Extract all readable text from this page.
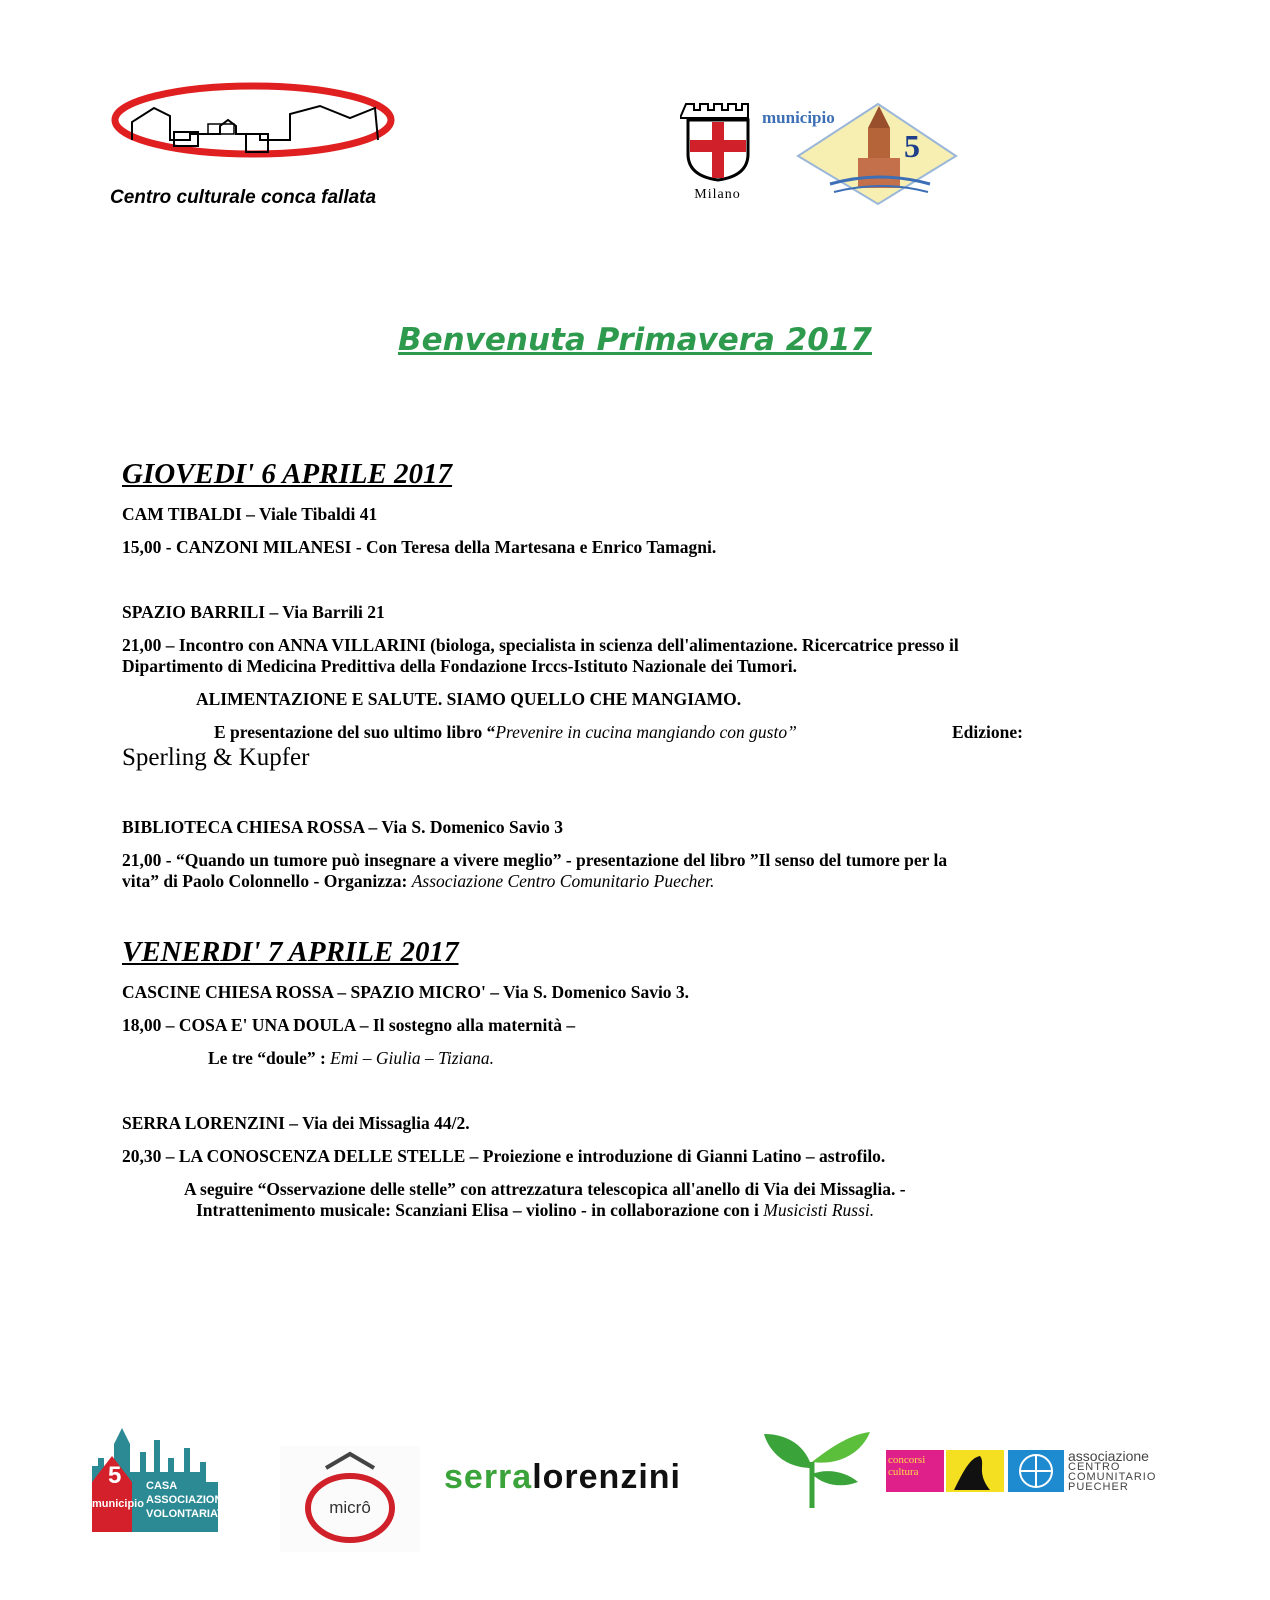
Centro culturale conca fallata	Milano
municipio
5
Benvenuta Primavera 2017
GIOVEDI' 6 APRILE 2017
CAM TIBALDI – Viale Tibaldi 41
15,00 - CANZONI MILANESI - Con Teresa della Martesana e Enrico Tamagni.
SPAZIO BARRILI – Via Barrili 21
21,00 – Incontro con ANNA VILLARINI (biologa, specialista in scienza dell'alimentazione. Ricercatrice presso il
Dipartimento di Medicina Predittiva della Fondazione Irccs-Istituto Nazionale dei Tumori.
ALIMENTAZIONE E SALUTE. SIAMO QUELLO CHE MANGIAMO.
E presentazione del suo ultimo libro “Prevenire in cucina mangiando con gusto”	Edizione:
Sperling & Kupfer
BIBLIOTECA CHIESA ROSSA – Via S. Domenico Savio 3
21,00 - “Quando un tumore può insegnare a vivere meglio” - presentazione del libro ”Il senso del tumore per la
vita” di Paolo Colonnello - Organizza: Associazione Centro Comunitario Puecher.
VENERDI' 7 APRILE 2017
CASCINE CHIESA ROSSA – SPAZIO MICRO' – Via S. Domenico Savio 3.
18,00 – COSA E' UNA DOULA – Il sostegno alla maternità –
Le tre “doule” : Emi – Giulia – Tiziana.
SERRA LORENZINI – Via dei Missaglia 44/2.
20,30 – LA CONOSCENZA DELLE STELLE – Proiezione e introduzione di Gianni Latino – astrofilo.
A seguire “Osservazione delle stelle” con attrezzatura telescopica all'anello di Via dei Missaglia. -
Intrattenimento musicale: Scanziani Elisa – violino - in collaborazione con i Musicisti Russi.
5
municipio
CASA
ASSOCIAZIONI
VOLONTARIATO	micrô
serralorenzini	concorsi cultura
associazione
CENTRO
COMUNITARIO
PUECHER
